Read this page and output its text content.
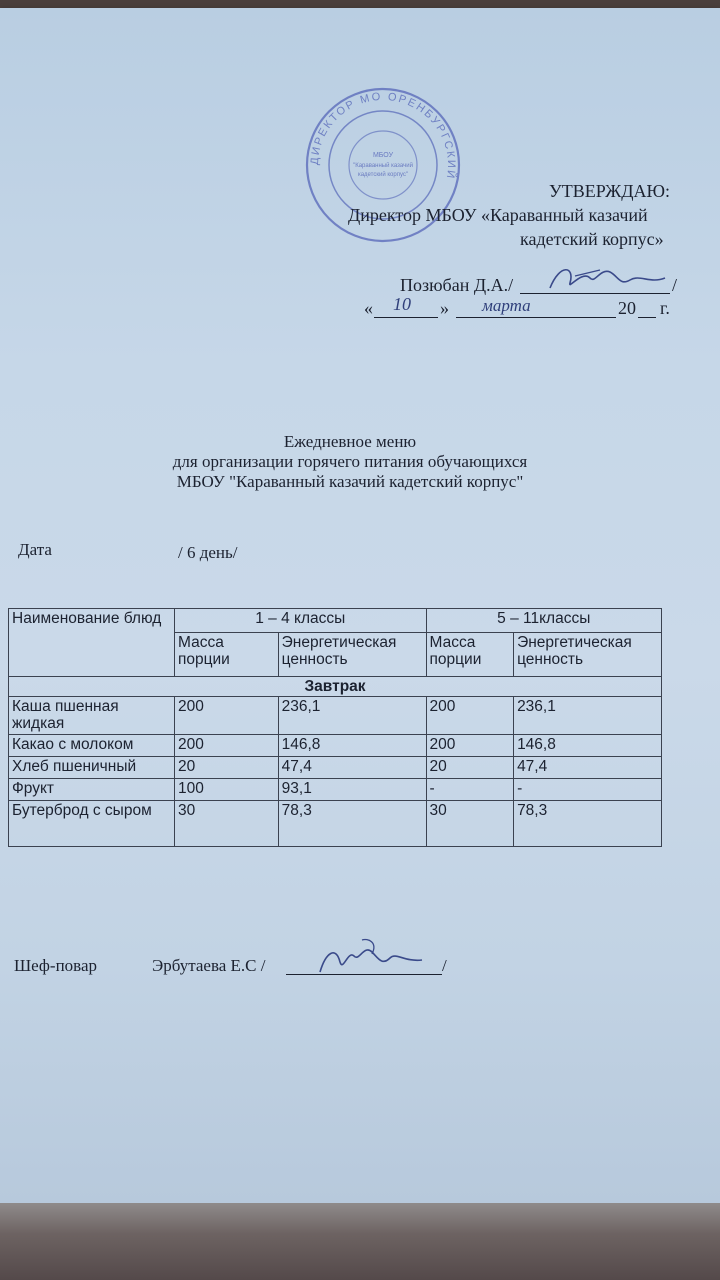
ДИРЕКТОР МО ОРЕНБУРГСКИЙ
МБОУ
"Караванный казачий
кадетский корпус"
УТВЕРЖДАЮ:
Директор МБОУ «Караванный казачий
кадетский корпус»
Позюбан Д.А./	/
« 10 » марта	20 г.
Ежедневное меню
для организации горячего питания обучающихся
МБОУ "Караванный казачий кадетский корпус"
Дата	/ 6 день/
Наименование блюд	1 – 4 классы		5 – 11классы	
	Масса порции	Энергетическая ценность	Масса порции	Энергетическая ценность
Завтрак				
Каша пшенная жидкая	200	236,1	200	236,1
Какао с молоком	200	146,8	200	146,8
Хлеб пшеничный	20	47,4	20	47,4
Фрукт	100	93,1	-	-
Бутерброд с сыром	30	78,3	30	78,3
Шеф-повар	Эрбутаева Е.С /	/
